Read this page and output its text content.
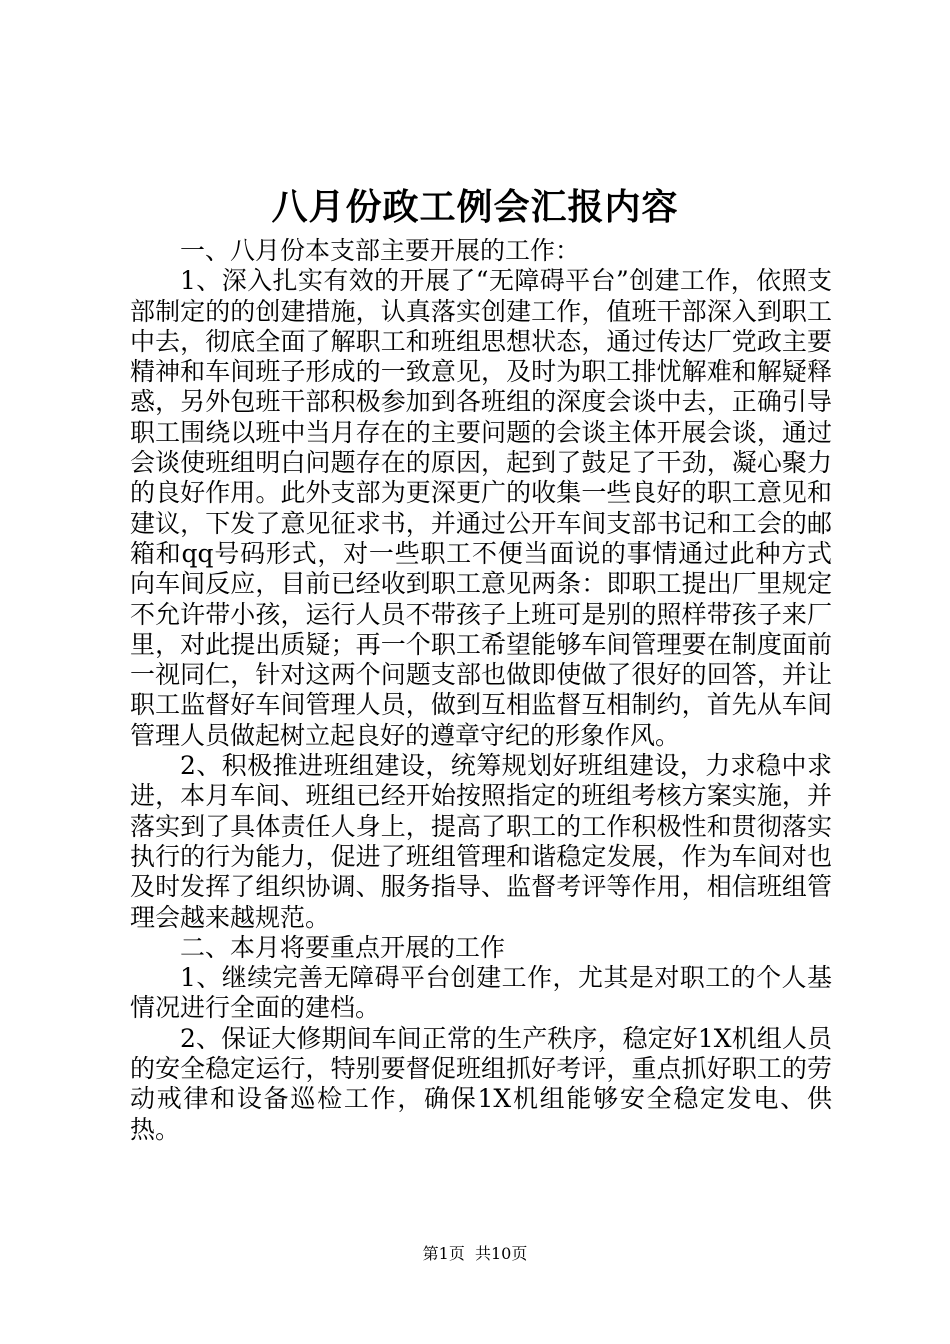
八月份政工例会汇报内容

一、八月份本支部主要开展的工作：

1、深入扎实有效的开展了“无障碍平台”创建工作，依照支部制定的的创建措施，认真落实创建工作，值班干部深入到职工中去，彻底全面了解职工和班组思想状态，通过传达厂党政主要精神和车间班子形成的一致意见，及时为职工排忧解难和解疑释惑，另外包班干部积极参加到各班组的深度会谈中去，正确引导职工围绕以班中当月存在的主要问题的会谈主体开展会谈，通过会谈使班组明白问题存在的原因，起到了鼓足了干劲，凝心聚力的良好作用。此外支部为更深更广的收集一些良好的职工意见和建议，下发了意见征求书，并通过公开车间支部书记和工会的邮箱和qq号码形式，对一些职工不便当面说的事情通过此种方式向车间反应，目前已经收到职工意见两条：即职工提出厂里规定不允许带小孩，运行人员不带孩子上班可是别的照样带孩子来厂里，对此提出质疑；再一个职工希望能够车间管理要在制度面前一视同仁，针对这两个问题支部也做即使做了很好的回答，并让职工监督好车间管理人员，做到互相监督互相制约，首先从车间管理人员做起树立起良好的遵章守纪的形象作风。

2、积极推进班组建设，统筹规划好班组建设，力求稳中求进，本月车间、班组已经开始按照指定的班组考核方案实施，并落实到了具体责任人身上，提高了职工的工作积极性和贯彻落实执行的行为能力，促进了班组管理和谐稳定发展，作为车间对也及时发挥了组织协调、服务指导、监督考评等作用，相信班组管理会越来越规范。

二、本月将要重点开展的工作

1、继续完善无障碍平台创建工作，尤其是对职工的个人基情况进行全面的建档。

2、保证大修期间车间正常的生产秩序，稳定好1X机组人员的安全稳定运行，特别要督促班组抓好考评，重点抓好职工的劳动戒律和设备巡检工作，确保1X机组能够安全稳定发电、供热。

第1页  共10页
